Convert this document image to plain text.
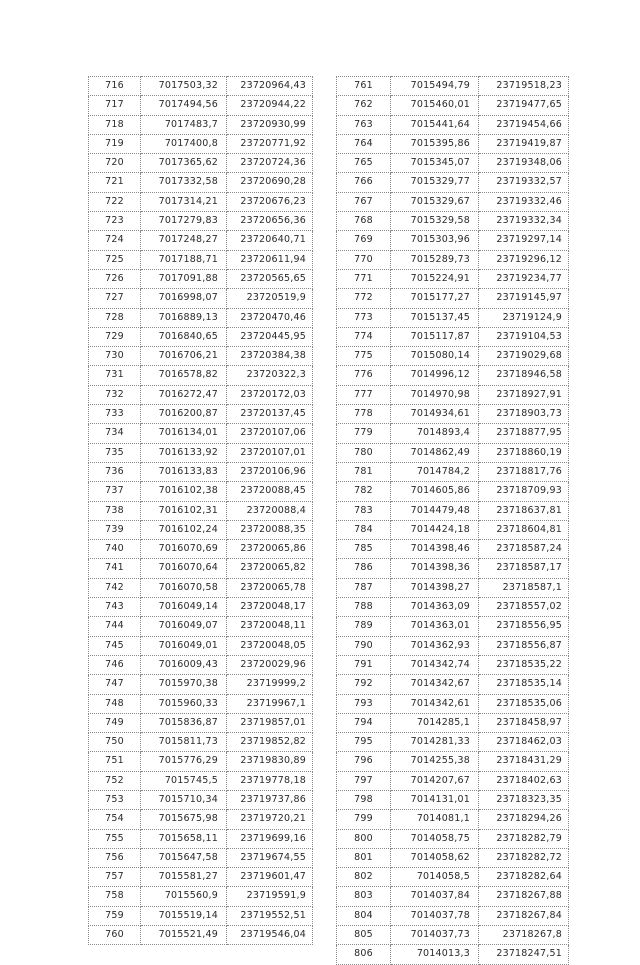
716	7017503,32	23720964,43
717	7017494,56	23720944,22
718	7017483,7	23720930,99
719	7017400,8	23720771,92
720	7017365,62	23720724,36
721	7017332,58	23720690,28
722	7017314,21	23720676,23
723	7017279,83	23720656,36
724	7017248,27	23720640,71
725	7017188,71	23720611,94
726	7017091,88	23720565,65
727	7016998,07	23720519,9
728	7016889,13	23720470,46
729	7016840,65	23720445,95
730	7016706,21	23720384,38
731	7016578,82	23720322,3
732	7016272,47	23720172,03
733	7016200,87	23720137,45
734	7016134,01	23720107,06
735	7016133,92	23720107,01
736	7016133,83	23720106,96
737	7016102,38	23720088,45
738	7016102,31	23720088,4
739	7016102,24	23720088,35
740	7016070,69	23720065,86
741	7016070,64	23720065,82
742	7016070,58	23720065,78
743	7016049,14	23720048,17
744	7016049,07	23720048,11
745	7016049,01	23720048,05
746	7016009,43	23720029,96
747	7015970,38	23719999,2
748	7015960,33	23719967,1
749	7015836,87	23719857,01
750	7015811,73	23719852,82
751	7015776,29	23719830,89
752	7015745,5	23719778,18
753	7015710,34	23719737,86
754	7015675,98	23719720,21
755	7015658,11	23719699,16
756	7015647,58	23719674,55
757	7015581,27	23719601,47
758	7015560,9	23719591,9
759	7015519,14	23719552,51
760	7015521,49	23719546,04
761	7015494,79	23719518,23
762	7015460,01	23719477,65
763	7015441,64	23719454,66
764	7015395,86	23719419,87
765	7015345,07	23719348,06
766	7015329,77	23719332,57
767	7015329,67	23719332,46
768	7015329,58	23719332,34
769	7015303,96	23719297,14
770	7015289,73	23719296,12
771	7015224,91	23719234,77
772	7015177,27	23719145,97
773	7015137,45	23719124,9
774	7015117,87	23719104,53
775	7015080,14	23719029,68
776	7014996,12	23718946,58
777	7014970,98	23718927,91
778	7014934,61	23718903,73
779	7014893,4	23718877,95
780	7014862,49	23718860,19
781	7014784,2	23718817,76
782	7014605,86	23718709,93
783	7014479,48	23718637,81
784	7014424,18	23718604,81
785	7014398,46	23718587,24
786	7014398,36	23718587,17
787	7014398,27	23718587,1
788	7014363,09	23718557,02
789	7014363,01	23718556,95
790	7014362,93	23718556,87
791	7014342,74	23718535,22
792	7014342,67	23718535,14
793	7014342,61	23718535,06
794	7014285,1	23718458,97
795	7014281,33	23718462,03
796	7014255,38	23718431,29
797	7014207,67	23718402,63
798	7014131,01	23718323,35
799	7014081,1	23718294,26
800	7014058,75	23718282,79
801	7014058,62	23718282,72
802	7014058,5	23718282,64
803	7014037,84	23718267,88
804	7014037,78	23718267,84
805	7014037,73	23718267,8
806	7014013,3	23718247,51
